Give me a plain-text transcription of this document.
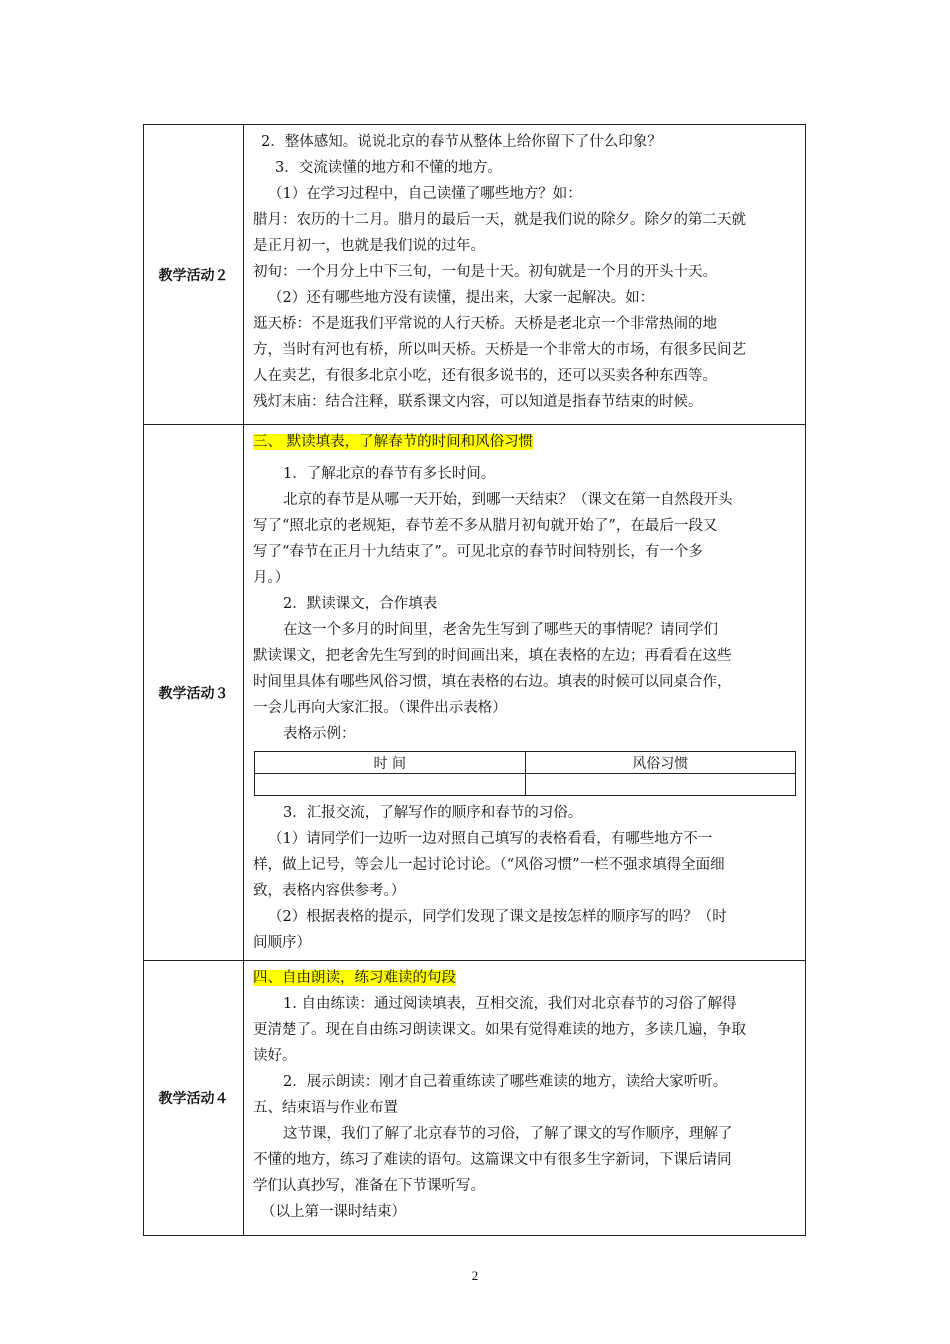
教学活动２	
2．整体感知。说说北京的春节从整体上给你留下了什么印象？
3．交流读懂的地方和不懂的地方。
（1）在学习过程中，自己读懂了哪些地方？如：
腊月：农历的十二月。腊月的最后一天，就是我们说的除夕。除夕的第二天就
是正月初一，也就是我们说的过年。
初旬：一个月分上中下三旬，一旬是十天。初旬就是一个月的开头十天。
（2）还有哪些地方没有读懂，提出来，大家一起解决。如：
逛天桥：不是逛我们平常说的人行天桥。天桥是老北京一个非常热闹的地
方，当时有河也有桥，所以叫天桥。天桥是一个非常大的市场，有很多民间艺
人在卖艺，有很多北京小吃，还有很多说书的，还可以买卖各种东西等。
残灯末庙：结合注释，联系课文内容，可以知道是指春节结束的时候。

教学活动３	
三、 默读填表，了解春节的时间和风俗习惯
1．了解北京的春节有多长时间。
北京的春节是从哪一天开始，到哪一天结束？（课文在第一自然段开头
写了“照北京的老规矩，春节差不多从腊月初旬就开始了”，在最后一段又
写了“春节在正月十九结束了”。可见北京的春节时间特别长，有一个多
月。）
2．默读课文，合作填表
在这一个多月的时间里，老舍先生写到了哪些天的事情呢？请同学们
默读课文，把老舍先生写到的时间画出来，填在表格的左边；再看看在这些
时间里具体有哪些风俗习惯，填在表格的右边。填表的时候可以同桌合作，
一会儿再向大家汇报。（课件出示表格）
表格示例：
时 间	风俗习惯

3．汇报交流，了解写作的顺序和春节的习俗。
（1）请同学们一边听一边对照自己填写的表格看看，有哪些地方不一
样，做上记号，等会儿一起讨论讨论。（“风俗习惯”一栏不强求填得全面细
致，表格内容供参考。）
（2）根据表格的提示，同学们发现了课文是按怎样的顺序写的吗？（时
间顺序）

教学活动４	
四、自由朗读，练习难读的句段
1. 自由练读：通过阅读填表，互相交流，我们对北京春节的习俗了解得
更清楚了。现在自由练习朗读课文。如果有觉得难读的地方，多读几遍，争取
读好。
2．展示朗读：刚才自己着重练读了哪些难读的地方，读给大家听听。
五、结束语与作业布置
这节课，我们了解了北京春节的习俗，了解了课文的写作顺序，理解了
不懂的地方，练习了难读的语句。这篇课文中有很多生字新词，下课后请同
学们认真抄写，准备在下节课听写。
（以上第一课时结束）
2
